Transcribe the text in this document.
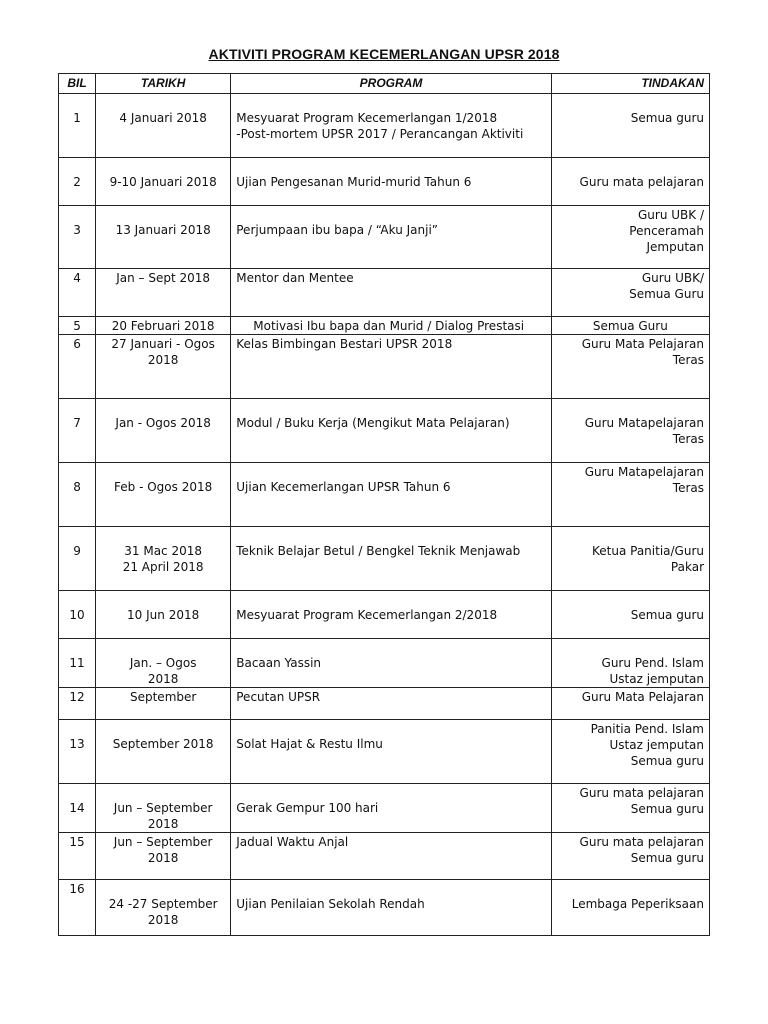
AKTIVITI PROGRAM KECEMERLANGAN UPSR 2018
BIL	TARIKH	PROGRAM	TINDAKAN

1	4 Januari 2018	Mesyuarat Program Kecemerlangan 1/2018
-Post-mortem UPSR 2017 / Perancangan Aktiviti	Semua guru

2	9-10 Januari 2018	Ujian Pengesanan Murid-murid Tahun 6	Guru mata pelajaran

3	13 Januari 2018	Perjumpaan ibu bapa / “Aku Janji”	Guru UBK /
Penceramah
Jemputan

4	Jan – Sept 2018	Mentor dan Mentee	Guru UBK/
Semua Guru

5	20 Februari 2018	Motivasi Ibu bapa dan Murid / Dialog Prestasi	Semua Guru

6	27 Januari - Ogos
2018	Kelas Bimbingan Bestari UPSR 2018	Guru Mata Pelajaran
Teras

7	Jan - Ogos 2018	Modul / Buku Kerja (Mengikut Mata Pelajaran)	Guru Matapelajaran
Teras

8	Feb - Ogos 2018	Ujian Kecemerlangan UPSR Tahun 6	Guru Matapelajaran
Teras

9	31 Mac 2018
21 April 2018	Teknik Belajar Betul / Bengkel Teknik Menjawab	Ketua Panitia/Guru
Pakar

10	10 Jun 2018	Mesyuarat Program Kecemerlangan 2/2018	Semua guru

11	Jan. – Ogos
2018	Bacaan Yassin	Guru Pend. Islam
Ustaz jemputan

12	September	Pecutan UPSR	Guru Mata Pelajaran

13	September 2018	Solat Hajat & Restu Ilmu	Panitia Pend. Islam
Ustaz jemputan
Semua guru

14	Jun – September
2018	Gerak Gempur 100 hari	Guru mata pelajaran
Semua guru

15	Jun – September
2018	Jadual Waktu Anjal	Guru mata pelajaran
Semua guru

16	24 -27 September
2018	Ujian Penilaian Sekolah Rendah	Lembaga Peperiksaan
